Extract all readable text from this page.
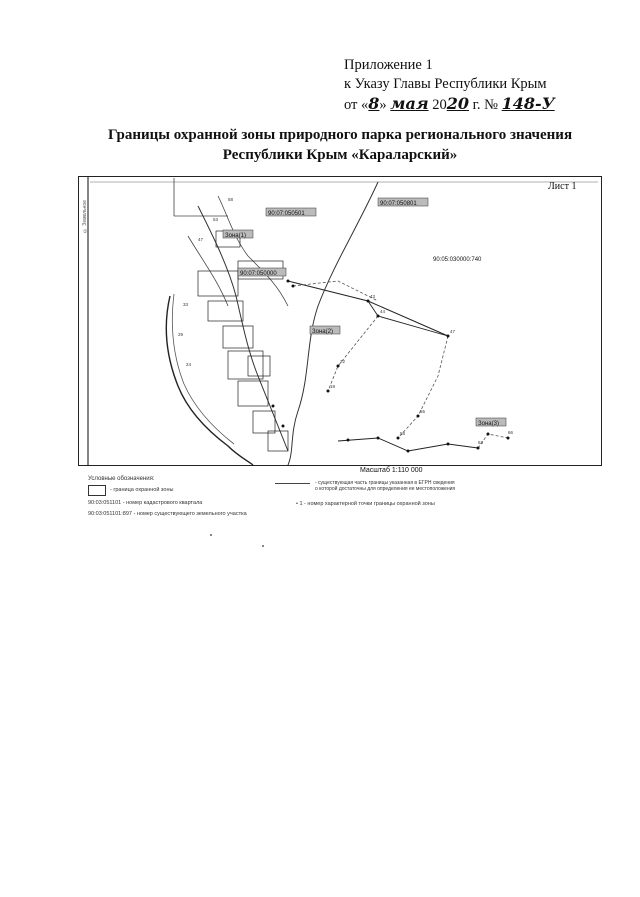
Приложение 1
к Указу Главы Республики Крым
от «8» мая 2020 г. № 148-У
Границы охранной зоны природного парка регионального значения
Республики Крым «Караларский»
90:07:050501
90:07:050801
90:07:050000
90:05:030000:740
Зона(1)
Зона(2)
Зона(3)
43
44
47
22
19
55
58
63
66
58
53
47
33
29
24
Лист 1
© Земельное
Масштаб 1:110 000
Условные обозначения:
- граница охранной зоны
90:03:051101 - номер кадастрового квартала
90:03:051101:897 - номер существующего земельного участка
- существующая часть границы указанная в ЕГРН сведения
о которой достаточны для определения ее местоположения
• 1 - номер характерной точки границы охранной зоны
